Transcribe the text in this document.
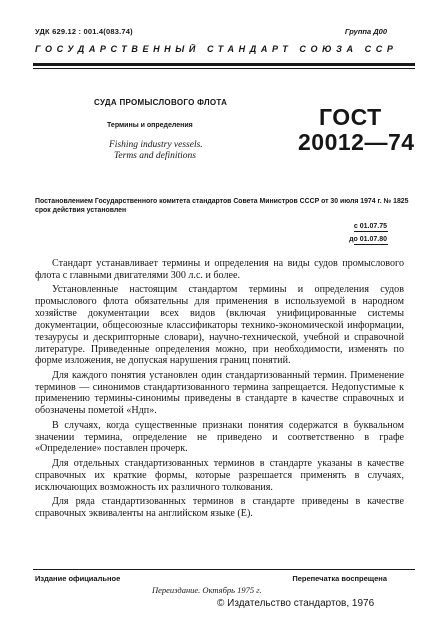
УДК 629.12 : 001.4(083.74)	Группа Д00
ГОСУДАРСТВЕННЫЙ СТАНДАРТ СОЮЗА ССР
СУДА ПРОМЫСЛОВОГО ФЛОТА
Термины и определения
Fishing industry vessels.
Terms and definitions
ГОСТ
20012—74
Постановлением Государственного комитета стандартов Совета Министров СССР от 30 июля 1974 г. № 1825 срок действия установлен
с 01.07.75
до 01.07.80

Стандарт устанавливает термины и определения на виды судов промыслового флота с главными двигателями 300 л.с. и более.

Установленные настоящим стандартом термины и определения судов промыслового флота обязательны для применения в используемой в народном хозяйстве документации всех видов (включая унифицированные системы документации, общесоюзные классификаторы технико-экономической информации, тезаурусы и дескрипторные словари), научно-технической, учебной и справочной литературе. Приведенные определения можно, при необходимости, изменять по форме изложения, не допуская нарушения границ понятий.

Для каждого понятия установлен один стандартизованный термин. Применение терминов — синонимов стандартизованного термина запрещается. Недопустимые к применению термины-синонимы приведены в стандарте в качестве справочных и обозначены пометой «Ндп».

В случаях, когда существенные признаки понятия содержатся в буквальном значении термина, определение не приведено и соответственно в графе «Определение» поставлен прочерк.

Для отдельных стандартизованных терминов в стандарте указаны в качестве справочных их краткие формы, которые разрешается применять в случаях, исключающих возможность их различного толкования.

Для ряда стандартизованных терминов в стандарте приведены в качестве справочных эквиваленты на английском языке (Е).

Издание официальное	Перепечатка воспрещена
Переиздание. Октябрь 1975 г.
© Издательство стандартов, 1976
